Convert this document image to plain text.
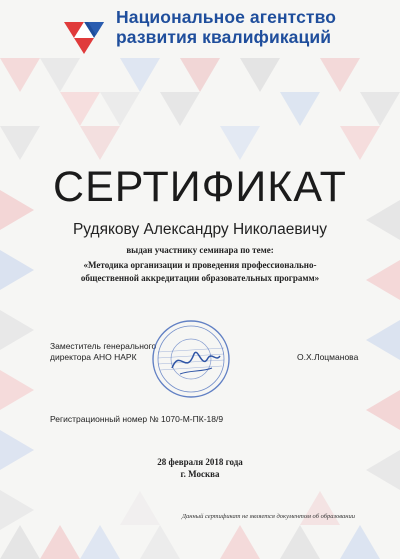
Национальное агентство
развития квалификаций
СЕРТИФИКАТ
Рудякову Александру Николаевичу
выдан участнику семинара по теме:
«Методика организации и проведения профессионально-
общественной аккредитации образовательных программ»
Заместитель генерального
директора АНО НАРК	О.Х.Лоцманова
Регистрационный номер № 1070-М-ПК-18/9
28 февраля 2018 года
г. Москва
Данный сертификат не является документом об образовании
